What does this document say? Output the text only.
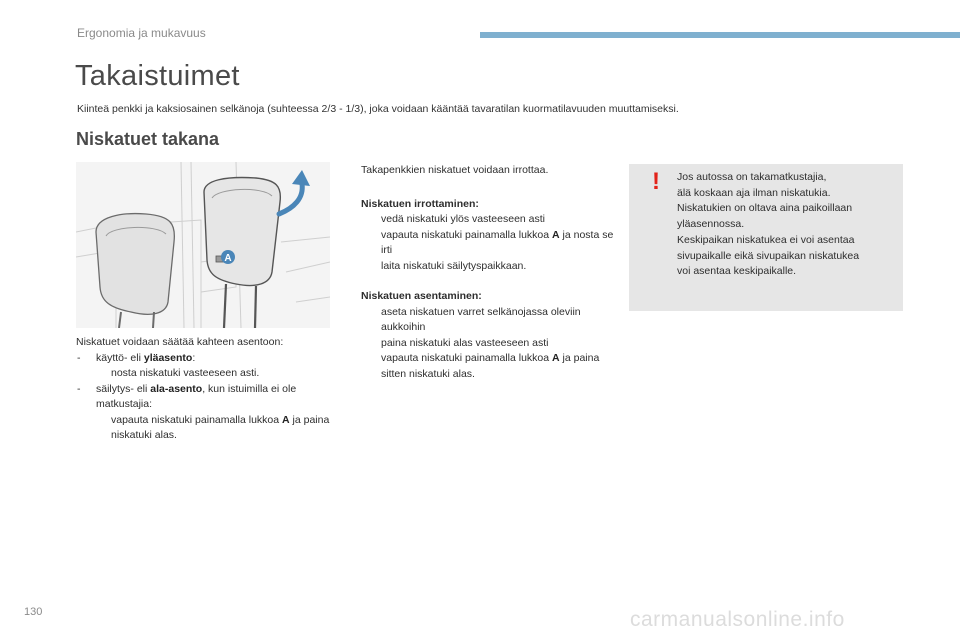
Ergonomia ja mukavuus
Takaistuimet
Kiinteä penkki ja kaksiosainen selkänoja (suhteessa 2/3 - 1/3), joka voidaan kääntää tavaratilan kuormatilavuuden muuttamiseksi.
Niskatuet takana
A

Niskatuet voidaan säätää kahteen asentoon:

- käyttö- eli yläasento:
nosta niskatuki vasteeseen asti.
- säilytys- eli ala-asento, kun istuimilla ei ole matkustajia:
vapauta niskatuki painamalla lukkoa A ja paina niskatuki alas.

Takapenkkien niskatuet voidaan irrottaa.

Niskatuen irrottaminen:

vedä niskatuki ylös vasteeseen asti
vapauta niskatuki painamalla lukkoa A ja nosta se irti
laita niskatuki säilytyspaikkaan.

Niskatuen asentaminen:

aseta niskatuen varret selkänojassa oleviin aukkoihin
paina niskatuki alas vasteeseen asti
vapauta niskatuki painamalla lukkoa A ja paina sitten niskatuki alas.
! Jos autossa on takamatkustajia,

älä koskaan aja ilman niskatukia.

Niskatukien on oltava aina paikoillaan

yläasennossa.

Keskipaikan niskatukea ei voi asentaa

sivupaikalle eikä sivupaikan niskatukea

voi asentaa keskipaikalle.

130	carmanualsonline.info
